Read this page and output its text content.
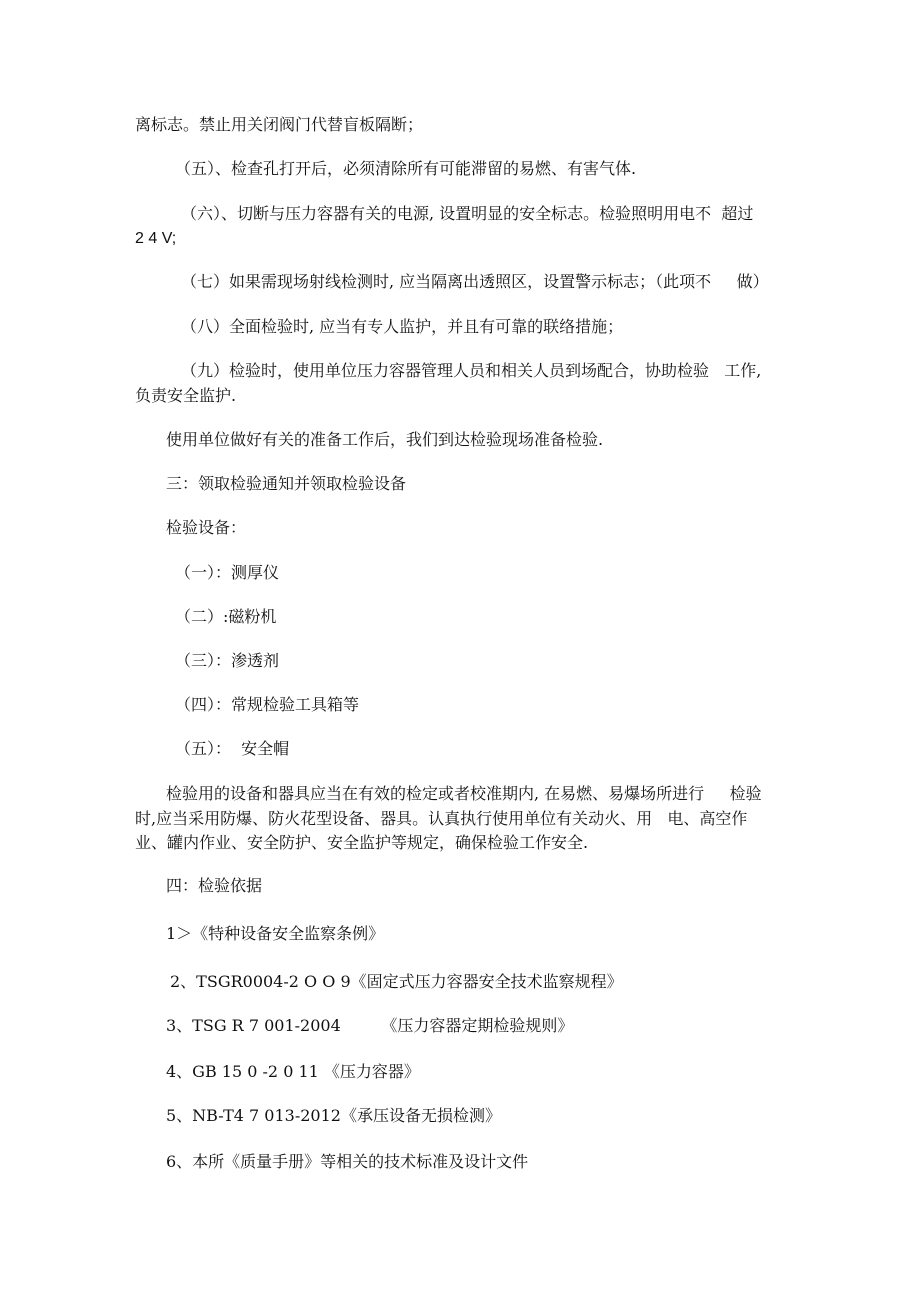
离标志。禁止用关闭阀门代替盲板隔断；

（五）、检查孔打开后，必须清除所有可能滞留的易燃、有害气体.

（六）、切断与压力容器有关的电源, 设置明显的安全标志。检验照明用电不  超过

2 4 V;

（七）如果需现场射线检测时, 应当隔离出透照区，设置警示标志；（此项不     做）

（八）全面检验时, 应当有专人监护，并且有可靠的联络措施；

（九）检验时，使用单位压力容器管理人员和相关人员到场配合，协助检验   工作,

负责安全监护.

使用单位做好有关的准备工作后，我们到达检验现场准备检验.

三：领取检验通知并领取检验设备

检验设备：

（一）：测厚仪

（二）:磁粉机

（三）：渗透剂

（四）：常规检验工具箱等

（五）：  安全帽

检验用的设备和器具应当在有效的检定或者校准期内, 在易燃、易爆场所进行     检验

时,应当采用防爆、防火花型设备、器具。认真执行使用单位有关动火、用   电、高空作

业、罐内作业、安全防护、安全监护等规定，确保检验工作安全.

四：检验依据

1＞《特种设备安全监察条例》

2、TSGR0004-2 O O 9《固定式压力容器安全技术监察规程》

3、TSG R 7 001-2004        《压力容器定期检验规则》

4、GB 15 0 -2 0 11 《压力容器》

5、NB-T4 7 013-2012《承压设备无损检测》

6、本所《质量手册》等相关的技术标准及设计文件
